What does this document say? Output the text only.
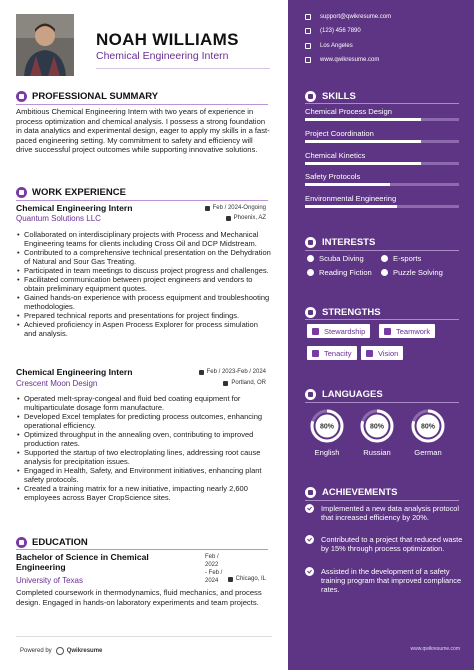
NOAH WILLIAMS
Chemical Engineering Intern
PROFESSIONAL SUMMARY
Ambitious Chemical Engineering Intern with two years of experience in process optimization and chemical analysis. I possess a strong foundation in data analytics and experimental design, eager to apply my skills in a fast-paced engineering setting. My commitment to safety and efficiency will drive successful project outcomes while supporting innovative solutions.
WORK EXPERIENCE
Chemical Engineering Intern	Feb / 2024-Ongoing
Quantum Solutions LLC	Phoenix, AZ
• Collaborated on interdisciplinary projects with Process and Mechanical Engineering teams for clients including Cross Oil and DCP Midstream.
• Contributed to a comprehensive technical presentation on the Dehydration of Natural and Sour Gas Treating.
• Participated in team meetings to discuss project progress and challenges.
• Facilitated communication between project engineers and vendors to obtain preliminary equipment quotes.
• Gained hands-on experience with process equipment and troubleshooting methodologies.
• Prepared technical reports and presentations for project findings.
• Achieved proficiency in Aspen Process Explorer for process simulation and analysis.
Chemical Engineering Intern	Feb / 2023-Feb / 2024
Crescent Moon Design	Portland, OR
• Operated melt-spray-congeal and fluid bed coating equipment for multiparticulate dosage form manufacture.
• Developed Excel templates for predicting process outcomes, enhancing operational efficiency.
• Optimized throughput in the annealing oven, contributing to improved production rates.
• Supported the startup of two electroplating lines, addressing root cause analysis for precipitation issues.
• Engaged in Health, Safety, and Environment initiatives, enhancing plant safety protocols.
• Created a training matrix for a new initiative, impacting nearly 2,600 employees across Bayer CropScience sites.
EDUCATION
Bachelor of Science in Chemical Engineering
Feb /
2022
- Feb /
2024
University of Texas	Chicago, IL
Completed coursework in thermodynamics, fluid mechanics, and process design. Engaged in hands-on laboratory experiments and team projects.
Powered by	Qwikresume
support@qwikresume.com
(123) 456 7890
Los Angeles
www.qwikresume.com
SKILLS
Chemical Process Design
Project Coordination
Chemical Kinetics
Safety Protocols
Environmental Engineering
INTERESTS
Scuba Diving	E-sports
Reading Fiction	Puzzle Solving
STRENGTHS
Stewardship	Teamwork
Tenacity	Vision
LANGUAGES
80%
English
80%
Russian
80%
German
ACHIEVEMENTS
Implemented a new data analysis protocol that increased efficiency by 20%.
Contributed to a project that reduced waste by 15% through process optimization.
Assisted in the development of a safety training program that improved compliance rates.
www.qwikresume.com
